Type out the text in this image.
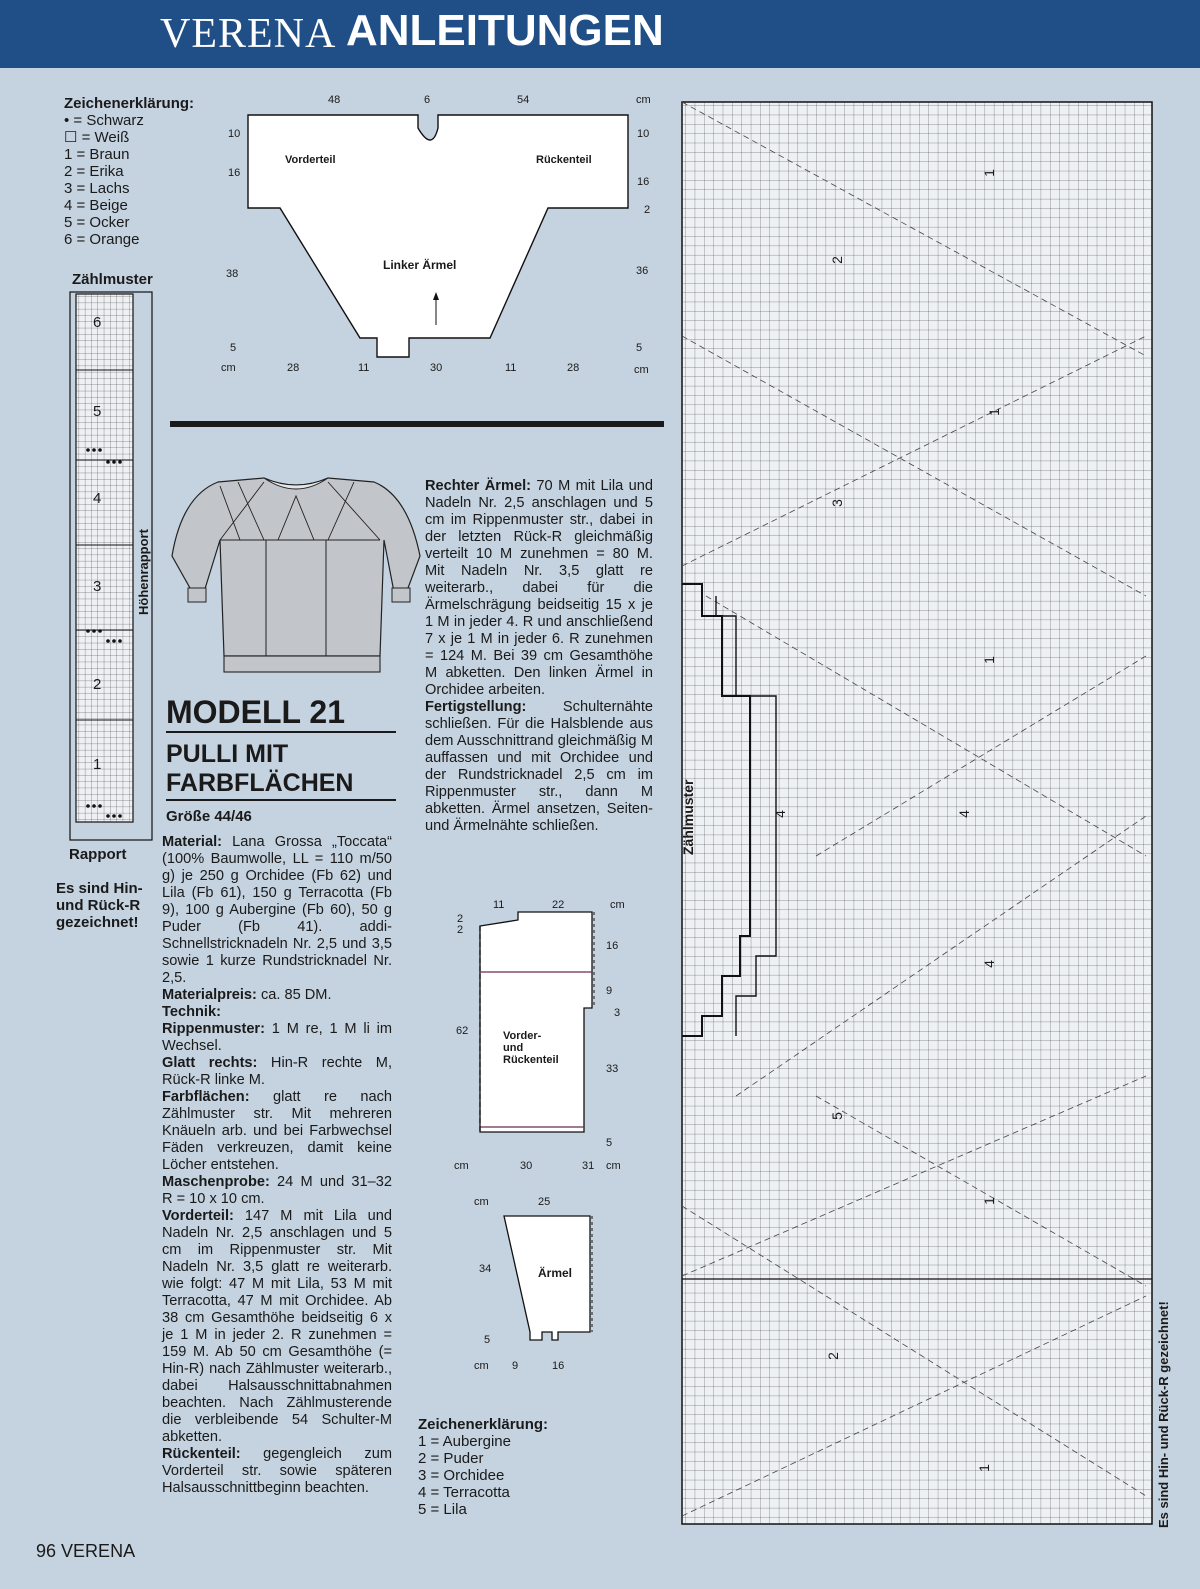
VERENA ANLEITUNGEN
Zeichenerklärung:
• = Schwarz
☐ = Weiß
1 = Braun
2 = Erika
3 = Lachs
4 = Beige
5 = Ocker
6 = Orange
Zählmuster
6
5
4
3
2
1
Höhenrapport
Rapport
Es sind Hin-
und Rück-R
gezeichnet!
Vorderteil	Rückenteil
Linker Ärmel
48	6	54	cm
10
16
38
5
cm
10
16
2
36
5
cm
28	11	30	11	28
MODELL 21
PULLI MIT
FARBFLÄCHEN
Größe 44/46

Material: Lana Grossa „Toccata“ (100% Baumwolle, LL = 110 m/50 g) je 250 g Orchidee (Fb 62) und Lila (Fb 61), 150 g Terracotta (Fb 9), 100 g Aubergine (Fb 60), 50 g Puder (Fb 41). addi-Schnellstricknadeln Nr. 2,5 und 3,5 sowie 1 kurze Rundstricknadel Nr. 2,5.

Materialpreis: ca. 85 DM.

Technik:

Rippenmuster: 1 M re, 1 M li im Wechsel.

Glatt rechts: Hin-R rechte M, Rück-R linke M.

Farbflächen: glatt re nach Zählmuster str. Mit mehreren Knäueln arb. und bei Farbwechsel Fäden verkreuzen, damit keine Löcher entstehen.

Maschenprobe: 24 M und 31–32 R = 10 x 10 cm.

Vorderteil: 147 M mit Lila und Nadeln Nr. 2,5 anschlagen und 5 cm im Rippenmuster str. Mit Nadeln Nr. 3,5 glatt re weiterarb. wie folgt: 47 M mit Lila, 53 M mit Terracotta, 47 M mit Orchidee. Ab 38 cm Gesamthöhe beidseitig 6 x je 1 M in jeder 2. R zunehmen = 159 M. Ab 50 cm Gesamthöhe (= Hin-R) nach Zählmuster weiterarb., dabei Halsausschnittabnahmen beachten. Nach Zählmusterende die verbleibende 54 Schulter-M abketten.

Rückenteil: gegengleich zum Vorderteil str. sowie späteren Halsausschnittbeginn beachten.

Rechter Ärmel: 70 M mit Lila und Nadeln Nr. 2,5 anschlagen und 5 cm im Rippenmuster str., dabei in der letzten Rück-R gleichmäßig verteilt 10 M zunehmen = 80 M. Mit Nadeln Nr. 3,5 glatt re weiterarb., dabei für die Ärmelschrägung beidseitig 15 x je 1 M in jeder 4. R und anschließend 7 x je 1 M in jeder 6. R zunehmen = 124 M. Bei 39 cm Gesamthöhe M abketten. Den linken Ärmel in Orchidee arbeiten.

Fertigstellung: Schulternähte schließen. Für die Halsblende aus dem Ausschnittrand gleichmäßig M auffassen und mit Orchidee und der Rundstricknadel 2,5 cm im Rippenmuster str., dann M abketten. Ärmel ansetzen, Seiten- und Ärmelnähte schließen.

Vorder-
und
Rückenteil
11	22	cm
2
2
62
cm
16
9
3
33
5
cm
30	31
Ärmel
cm	25
34
5
cm 9	16
Zeichenerklärung:
1 = Aubergine
2 = Puder
3 = Orchidee
4 = Terracotta
5 = Lila
1
2
1
3
1
4	4
4
5
1
2
1
Zählmuster
Es sind Hin- und Rück-R gezeichnet!
96 VERENA
